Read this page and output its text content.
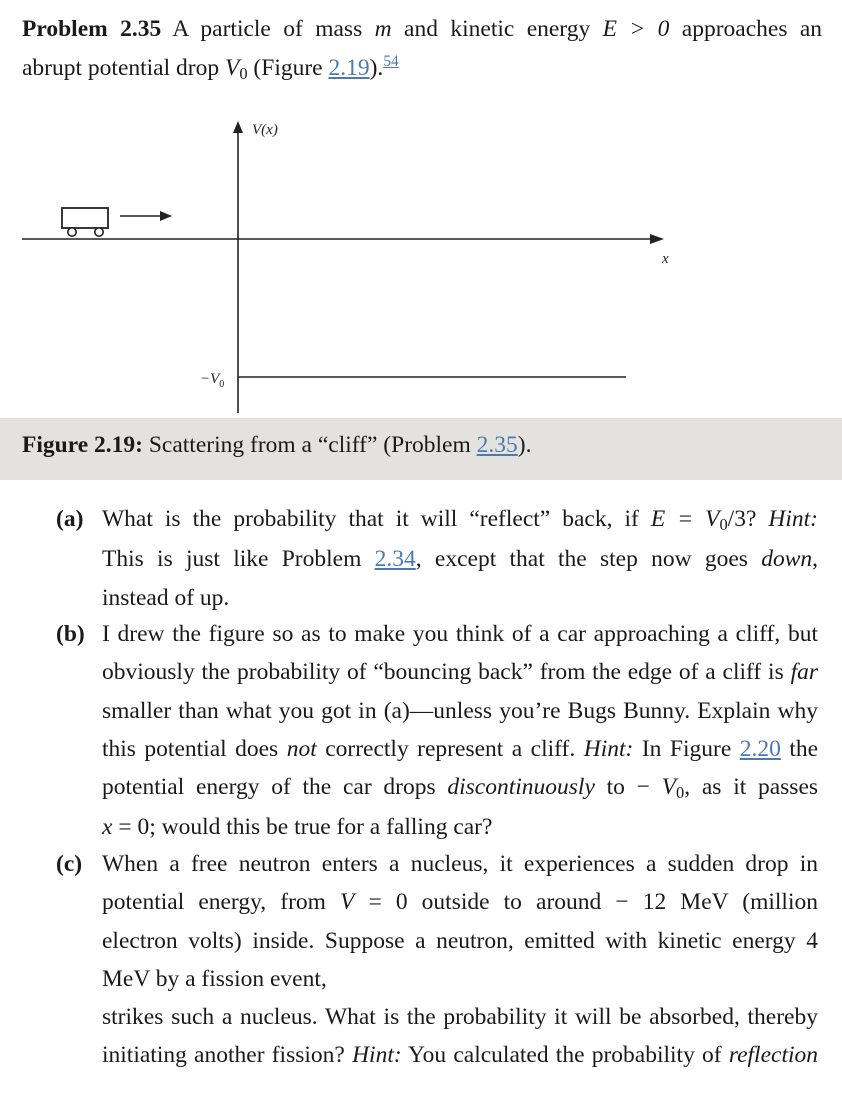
Problem 2.35 A particle of mass m and kinetic energy E > 0 approaches an
abrupt potential drop V0 (Figure 2.19).$^{54}$

V(x)
x
$-V_0$
Figure 2.19: Scattering from a “cliff” (Problem 2.35).
(a) What is the probability that it will “reflect” back, if E = V0/3? Hint:
This is just like Problem 2.34, except that the step now goes down,
instead of up.
(b) I drew the figure so as to make you think of a car approaching a cliff, but
obviously the probability of “bouncing back” from the edge of a cliff is far
smaller than what you got in (a)—unless you’re Bugs Bunny. Explain why
this potential does not correctly represent a cliff. Hint: In Figure 2.20 the
potential energy of the car drops discontinuously to − V0, as it passes
x = 0; would this be true for a falling car?
(c) When a free neutron enters a nucleus, it experiences a sudden drop in
potential energy, from V = 0 outside to around − 12 MeV (million
electron volts) inside. Suppose a neutron, emitted with kinetic energy 4
MeV by a fission event,
strikes such a nucleus. What is the probability it will be absorbed, thereby
initiating another fission? Hint: You calculated the probability of reflection
